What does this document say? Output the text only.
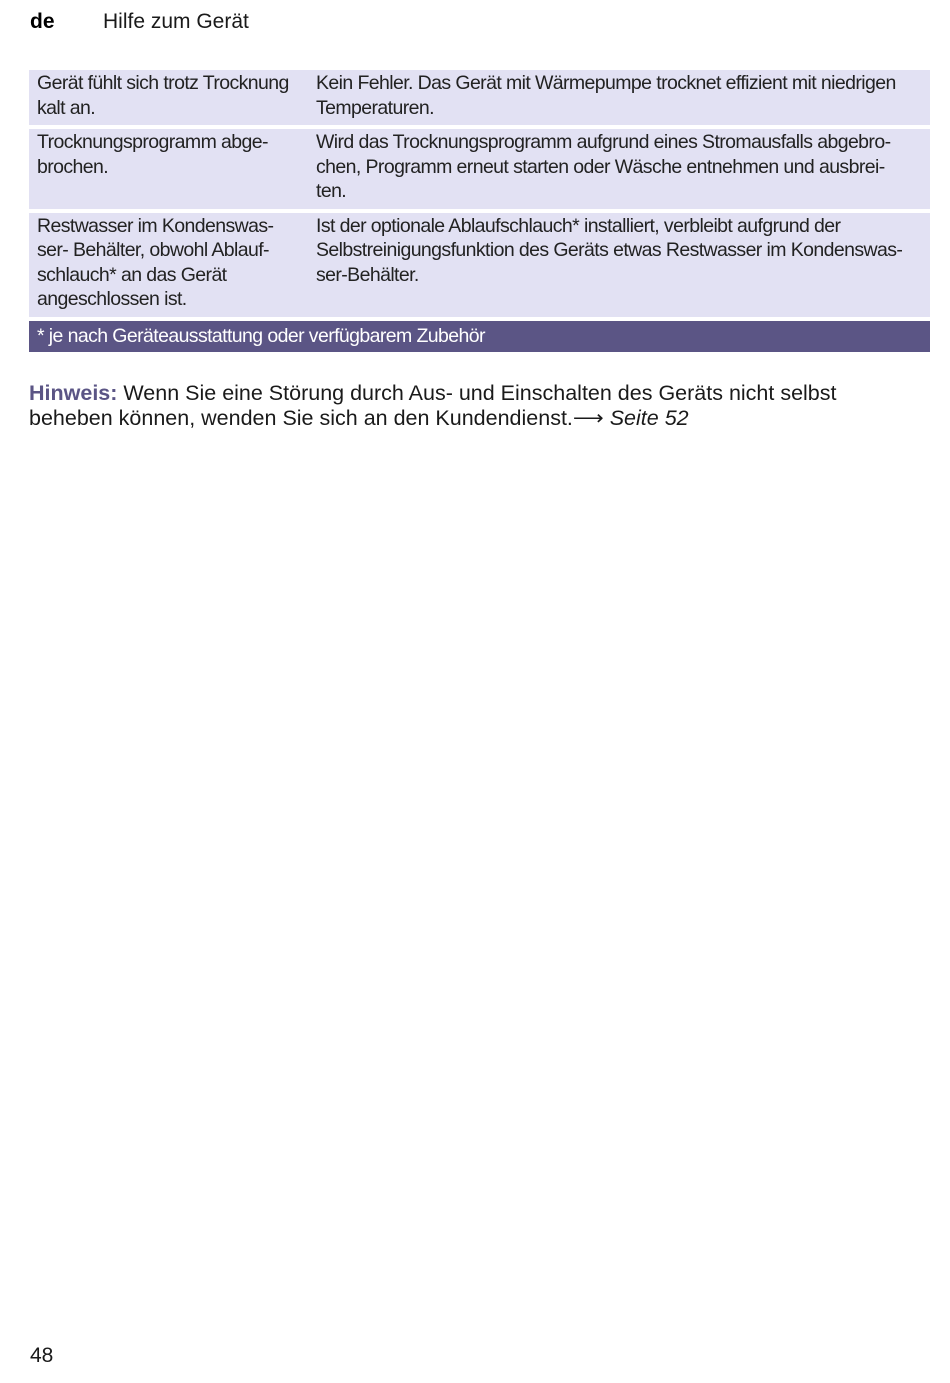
de Hilfe zum Gerät
Gerät fühlt sich trotz Trocknung
kalt an.
Kein Fehler. Das Gerät mit Wärmepumpe trocknet effizient mit niedrigen
Temperaturen.
Trocknungsprogramm abge-
brochen.
Wird das Trocknungsprogramm aufgrund eines Stromausfalls abgebro-
chen, Programm erneut starten oder Wäsche entnehmen und ausbrei-
ten.
Restwasser im Kondenswas-
ser- Behälter, obwohl Ablauf-
schlauch* an das Gerät
angeschlossen ist.
Ist der optionale Ablaufschlauch* installiert, verbleibt aufgrund der
Selbstreinigungsfunktion des Geräts etwas Restwasser im Kondenswas-
ser-Behälter.
* je nach Geräteausstattung oder verfügbarem Zubehör
Hinweis: Wenn Sie eine Störung durch Aus- und Einschalten des Geräts nicht selbst beheben können, wenden Sie sich an den Kundendienst.⟶ Seite 52
48
